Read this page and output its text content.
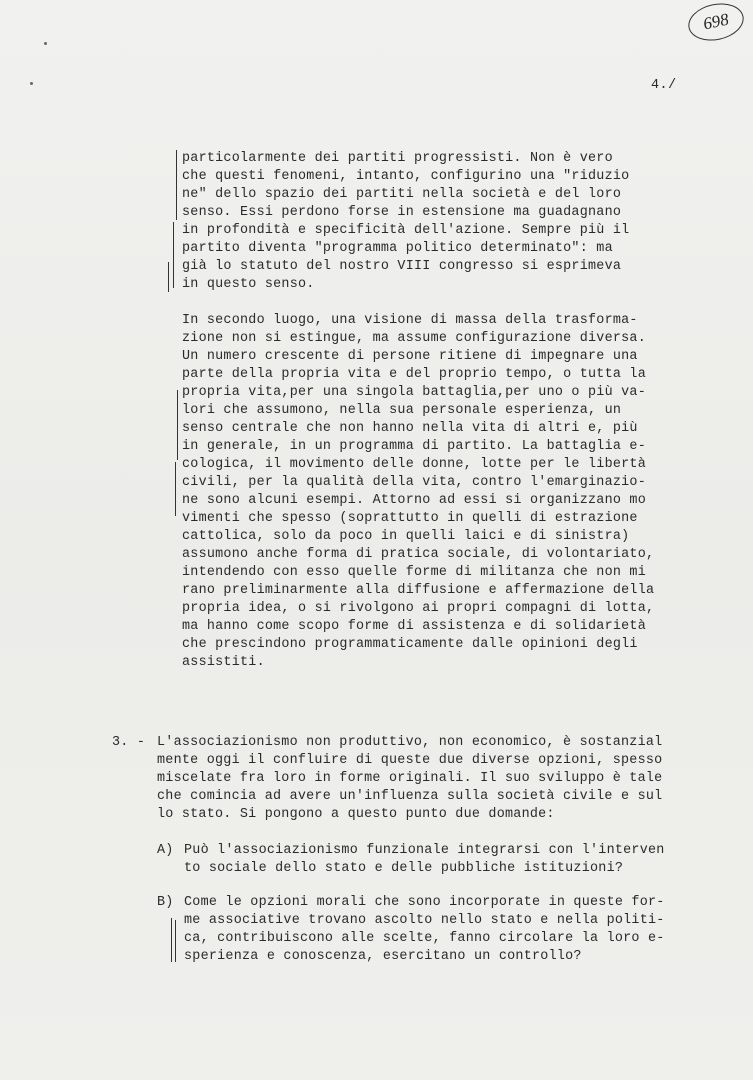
698
4./
particolarmente dei partiti progressisti. Non è vero
che questi fenomeni, intanto, configurino una "riduzio
ne" dello spazio dei partiti nella società e del loro
senso. Essi perdono forse in estensione ma guadagnano
in profondità e specificità dell'azione. Sempre più il
partito diventa "programma politico determinato": ma
già lo statuto del nostro VIII congresso si esprimeva
in questo senso.
In secondo luogo, una visione di massa della trasforma-
zione non si estingue, ma assume configurazione diversa.
Un numero crescente di persone ritiene di impegnare una
parte della propria vita e del proprio tempo, o tutta la
propria vita,per una singola battaglia,per uno o più va-
lori che assumono, nella sua personale esperienza, un
senso centrale che non hanno nella vita di altri e, più
in generale, in un programma di partito. La battaglia e-
cologica, il movimento delle donne, lotte per le libertà
civili, per la qualità della vita, contro l'emarginazio-
ne sono alcuni esempi. Attorno ad essi si organizzano mo
vimenti che spesso (soprattutto in quelli di estrazione
cattolica, solo da poco in quelli laici e di sinistra)
assumono anche forma di pratica sociale, di volontariato,
intendendo con esso quelle forme di militanza che non mi
rano preliminarmente alla diffusione e affermazione della
propria idea, o si rivolgono ai propri compagni di lotta,
ma hanno come scopo forme di assistenza e di solidarietà
che prescindono programmaticamente dalle opinioni degli
assistiti.
3. - L'associazionismo non produttivo, non economico, è sostanzial
mente oggi il confluire di queste due diverse opzioni, spesso
miscelate fra loro in forme originali. Il suo sviluppo è tale
che comincia ad avere un'influenza sulla società civile e sul
lo stato. Si pongono a questo punto due domande:
A) Può l'associazionismo funzionale integrarsi con l'interven
to sociale dello stato e delle pubbliche istituzioni?
B) Come le opzioni morali che sono incorporate in queste for-
me associative trovano ascolto nello stato e nella politi-
ca, contribuiscono alle scelte, fanno circolare la loro e-
sperienza e conoscenza, esercitano un controllo?
